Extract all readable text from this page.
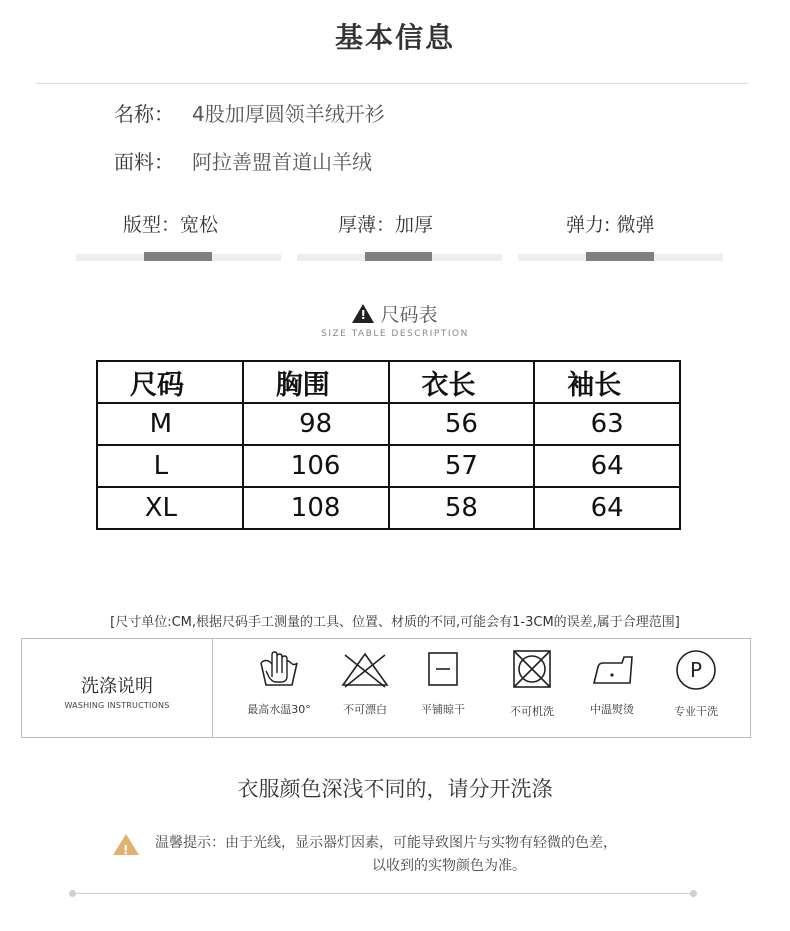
基本信息
名称： 4股加厚圆领羊绒开衫
面料： 阿拉善盟首道山羊绒
版型：宽松	厚薄：加厚	弹力: 微弹
!
尺码表
SIZE TABLE DESCRIPTION
尺码	胸围	衣长	袖长
M	98	56	63
L	106	57	64
XL	108	58	64
[尺寸单位:CM,根据尺码手工测量的工具、位置、材质的不同,可能会有1-3CM的误差,属于合理范围]
洗涤说明
WASHING INSTRUCTIONS	最高水温30°	不可漂白	平铺晾干	不可机洗	中温熨烫
P
专业干洗
衣服颜色深浅不同的，请分开洗涤
!
温馨提示：由于光线，显示器灯因素，可能导致图片与实物有轻微的色差，
以收到的实物颜色为准。
